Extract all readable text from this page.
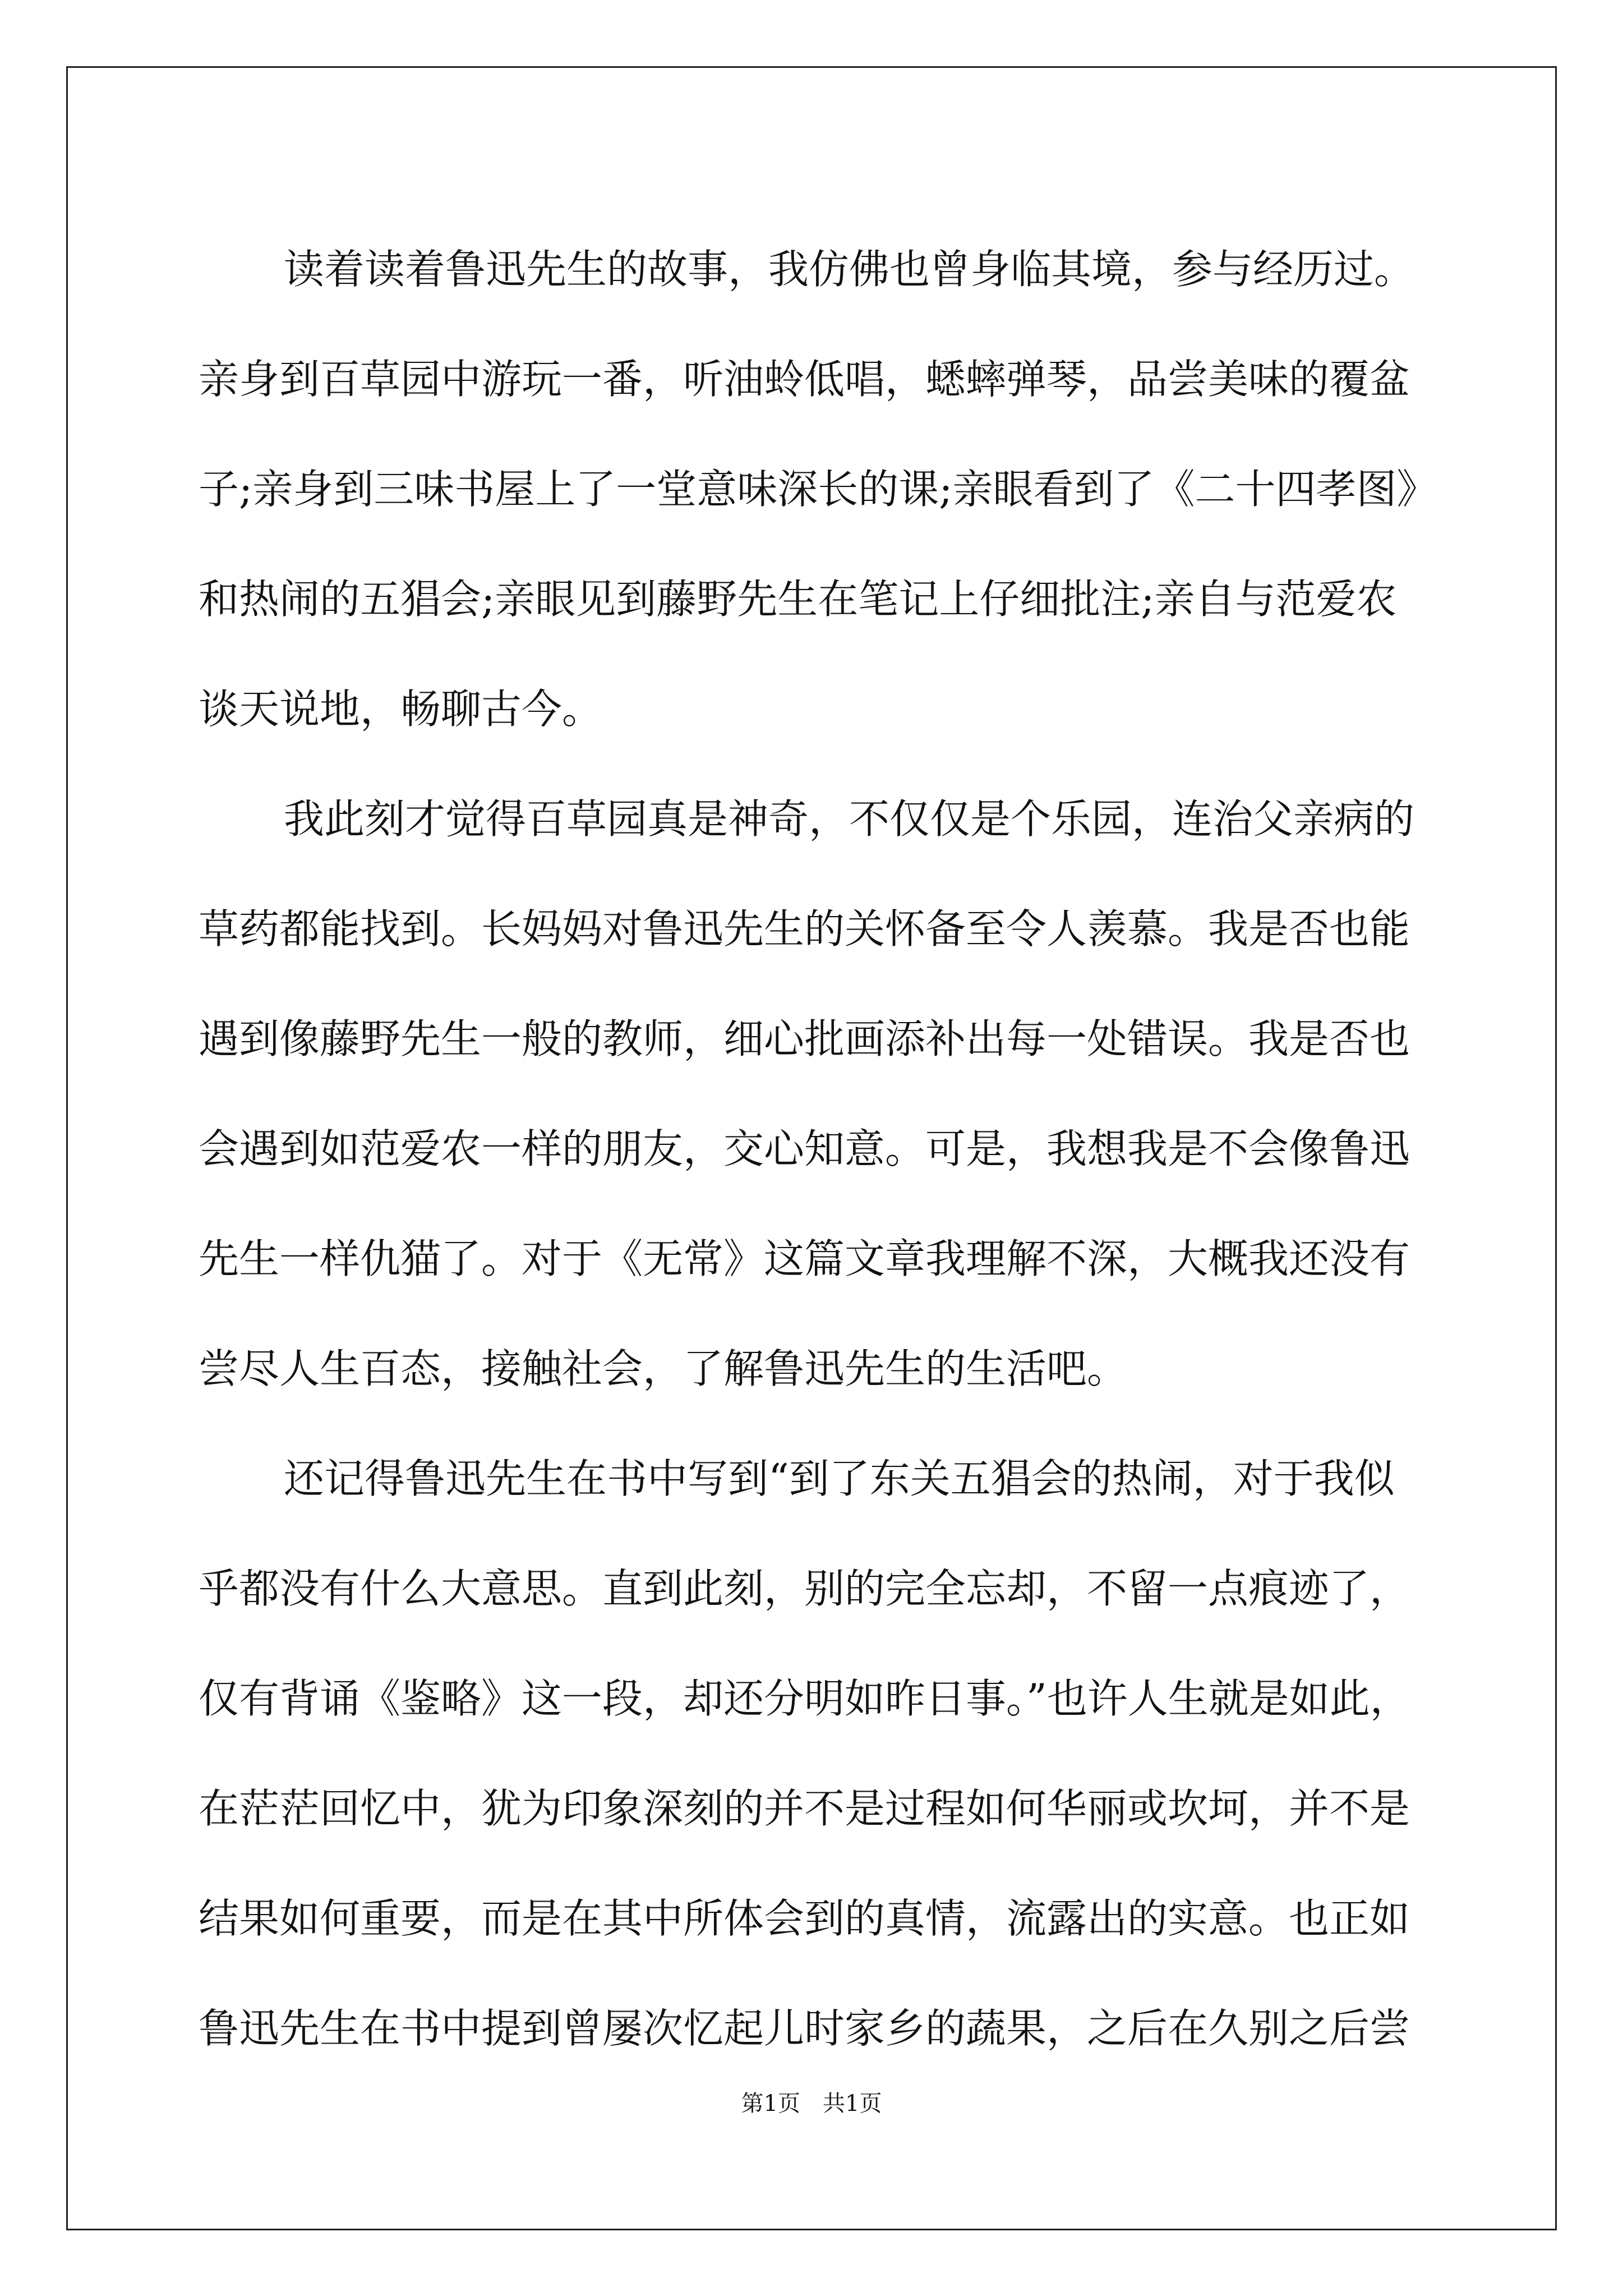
读着读着鲁迅先生的故事，我仿佛也曾身临其境，参与经历过。
亲身到百草园中游玩一番，听油蛉低唱，蟋蟀弹琴，品尝美味的覆盆
子;亲身到三味书屋上了一堂意味深长的课;亲眼看到了《二十四孝图》
和热闹的五猖会;亲眼见到藤野先生在笔记上仔细批注;亲自与范爱农
谈天说地，畅聊古今。
我此刻才觉得百草园真是神奇，不仅仅是个乐园，连治父亲病的
草药都能找到。长妈妈对鲁迅先生的关怀备至令人羡慕。我是否也能
遇到像藤野先生一般的教师，细心批画添补出每一处错误。我是否也
会遇到如范爱农一样的朋友，交心知意。可是，我想我是不会像鲁迅
先生一样仇猫了。对于《无常》这篇文章我理解不深，大概我还没有
尝尽人生百态，接触社会，了解鲁迅先生的生活吧。
还记得鲁迅先生在书中写到“到了东关五猖会的热闹，对于我似
乎都没有什么大意思。直到此刻，别的完全忘却，不留一点痕迹了，
仅有背诵《鉴略》这一段，却还分明如昨日事。”也许人生就是如此，
在茫茫回忆中，犹为印象深刻的并不是过程如何华丽或坎坷，并不是
结果如何重要，而是在其中所体会到的真情，流露出的实意。也正如
鲁迅先生在书中提到曾屡次忆起儿时家乡的蔬果，之后在久别之后尝
第1页　共1页
